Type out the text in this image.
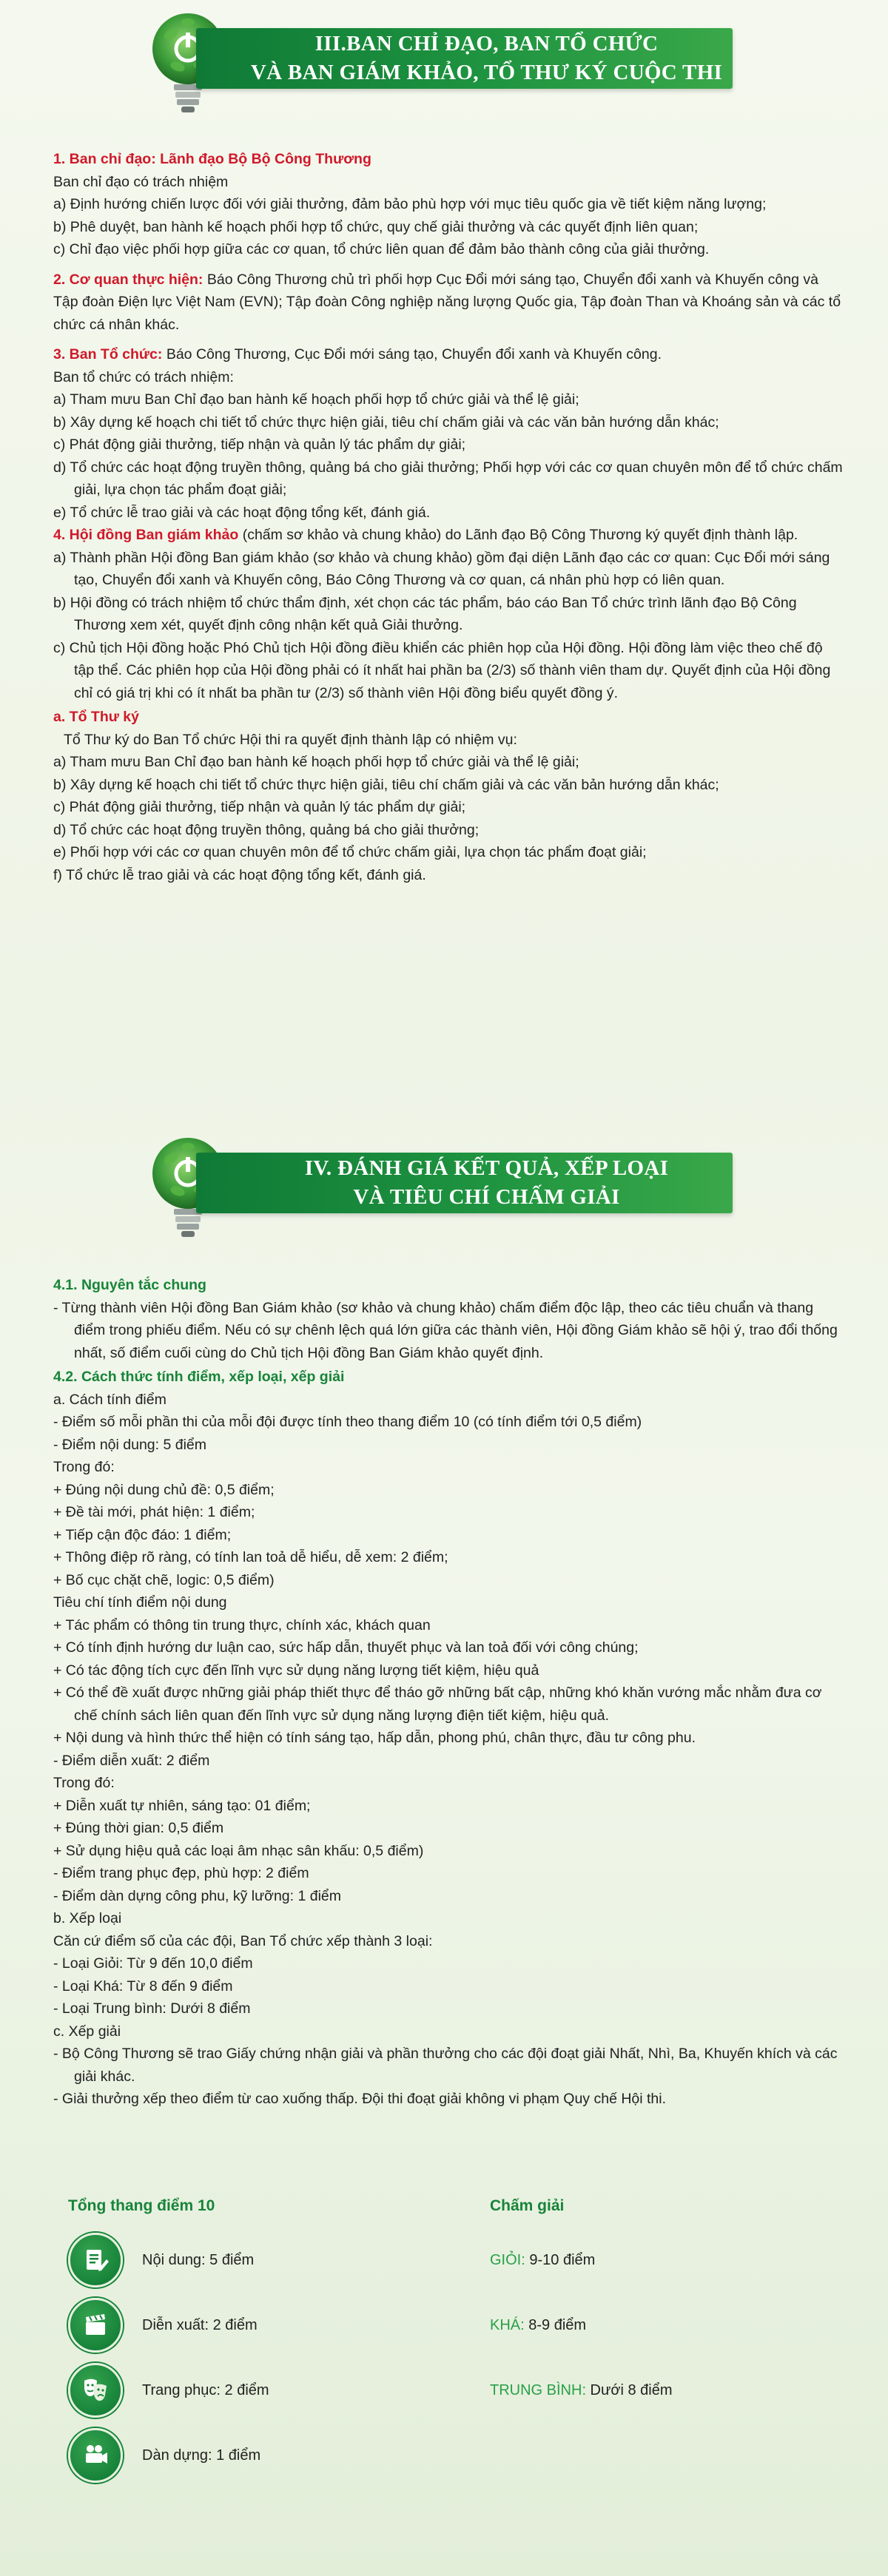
III.BAN CHỈ ĐẠO, BAN TỔ CHỨC
VÀ BAN GIÁM KHẢO, TỔ THƯ KÝ CUỘC THI
1. Ban chỉ đạo: Lãnh đạo Bộ Bộ Công Thương
Ban chỉ đạo có trách nhiệm
a) Định hướng chiến lược đối với giải thưởng, đảm bảo phù hợp với mục tiêu quốc gia về tiết kiệm năng lượng;
b) Phê duyệt, ban hành kế hoạch phối hợp tổ chức, quy chế giải thưởng và các quyết định liên quan;
c) Chỉ đạo việc phối hợp giữa các cơ quan, tổ chức liên quan để đảm bảo thành công của giải thưởng.
2. Cơ quan thực hiện: Báo Công Thương chủ trì phối hợp Cục Đổi mới sáng tạo, Chuyển đổi xanh và Khuyến công và Tập đoàn Điện lực Việt Nam (EVN); Tập đoàn Công nghiệp năng lượng Quốc gia, Tập đoàn Than và Khoáng sản và các tổ chức cá nhân khác.
3. Ban Tổ chức: Báo Công Thương, Cục Đổi mới sáng tạo, Chuyển đổi xanh và Khuyến công.
Ban tổ chức có trách nhiệm:
a) Tham mưu Ban Chỉ đạo ban hành kế hoạch phối hợp tổ chức giải và thể lệ giải;
b) Xây dựng kế hoạch chi tiết tổ chức thực hiện giải, tiêu chí chấm giải và các văn bản hướng dẫn khác;
c) Phát động giải thưởng, tiếp nhận và quản lý tác phẩm dự giải;
d) Tổ chức các hoạt động truyền thông, quảng bá cho giải thưởng; Phối hợp với các cơ quan chuyên môn để tổ chức chấm giải, lựa chọn tác phẩm đoạt giải;
e) Tổ chức lễ trao giải và các hoạt động tổng kết, đánh giá.
4. Hội đồng Ban giám khảo (chấm sơ khảo và chung khảo) do Lãnh đạo Bộ Công Thương ký quyết định thành lập.
a) Thành phần Hội đồng Ban giám khảo (sơ khảo và chung khảo) gồm đại diện Lãnh đạo các cơ quan: Cục Đổi mới sáng tạo, Chuyển đổi xanh và Khuyến công, Báo Công Thương và cơ quan, cá nhân phù hợp có liên quan.
b) Hội đồng có trách nhiệm tổ chức thẩm định, xét chọn các tác phẩm, báo cáo Ban Tổ chức trình lãnh đạo Bộ Công Thương xem xét, quyết định công nhận kết quả Giải thưởng.
c) Chủ tịch Hội đồng hoặc Phó Chủ tịch Hội đồng điều khiển các phiên họp của Hội đồng. Hội đồng làm việc theo chế độ tập thể. Các phiên họp của Hội đồng phải có ít nhất hai phần ba (2/3) số thành viên tham dự. Quyết định của Hội đồng chỉ có giá trị khi có ít nhất ba phần tư (2/3) số thành viên Hội đồng biểu quyết đồng ý.
a. Tổ Thư ký
Tổ Thư ký do Ban Tổ chức Hội thi ra quyết định thành lập có nhiệm vụ:
a) Tham mưu Ban Chỉ đạo ban hành kế hoạch phối hợp tổ chức giải và thể lệ giải;
b) Xây dựng kế hoạch chi tiết tổ chức thực hiện giải, tiêu chí chấm giải và các văn bản hướng dẫn khác;
c) Phát động giải thưởng, tiếp nhận và quản lý tác phẩm dự giải;
d) Tổ chức các hoạt động truyền thông, quảng bá cho giải thưởng;
e) Phối hợp với các cơ quan chuyên môn để tổ chức chấm giải, lựa chọn tác phẩm đoạt giải;
f) Tổ chức lễ trao giải và các hoạt động tổng kết, đánh giá.
IV. ĐÁNH GIÁ KẾT QUẢ, XẾP LOẠI
VÀ TIÊU CHÍ CHẤM GIẢI
4.1. Nguyên tắc chung
- Từng thành viên Hội đồng Ban Giám khảo (sơ khảo và chung khảo) chấm điểm độc lập, theo các tiêu chuẩn và thang điểm trong phiếu điểm. Nếu có sự chênh lệch quá lớn giữa các thành viên, Hội đồng Giám khảo sẽ hội ý, trao đổi thống nhất, số điểm cuối cùng do Chủ tịch Hội đồng Ban Giám khảo quyết định.
4.2. Cách thức tính điểm, xếp loại, xếp giải
a. Cách tính điểm
- Điểm số mỗi phần thi của mỗi đội được tính theo thang điểm 10 (có tính điểm tới 0,5 điểm)
- Điểm nội dung: 5 điểm
Trong đó:
+ Đúng nội dung chủ đề: 0,5 điểm;
+ Đề tài mới, phát hiện: 1 điểm;
+ Tiếp cận độc đáo: 1 điểm;
+ Thông điệp rõ ràng, có tính lan toả dễ hiểu, dễ xem: 2 điểm;
+ Bố cục chặt chẽ, logic: 0,5 điểm)
Tiêu chí tính điểm nội dung
+ Tác phẩm có thông tin trung thực, chính xác, khách quan
+ Có tính định hướng dư luận cao, sức hấp dẫn, thuyết phục và lan toả đối với công chúng;
+ Có tác động tích cực đến lĩnh vực sử dụng năng lượng tiết kiệm, hiệu quả
+ Có thể đề xuất được những giải pháp thiết thực để tháo gỡ những bất cập, những khó khăn vướng mắc nhằm đưa cơ chế chính sách liên quan đến lĩnh vực sử dụng năng lượng điện tiết kiệm, hiệu quả.
+ Nội dung và hình thức thể hiện có tính sáng tạo, hấp dẫn, phong phú, chân thực, đầu tư công phu.
- Điểm diễn xuất: 2 điểm
Trong đó:
+ Diễn xuất tự nhiên, sáng tạo: 01 điểm;
+ Đúng thời gian: 0,5 điểm
+ Sử dụng hiệu quả các loại âm nhạc sân khấu: 0,5 điểm)
- Điểm trang phục đẹp, phù hợp: 2 điểm
- Điểm dàn dựng công phu, kỹ lưỡng: 1 điểm
b. Xếp loại
Căn cứ điểm số của các đội, Ban Tổ chức xếp thành 3 loại:
- Loại Giỏi: Từ 9 đến 10,0 điểm
- Loại Khá: Từ 8 đến 9 điểm
- Loại Trung bình: Dưới 8 điểm
c. Xếp giải
- Bộ Công Thương sẽ trao Giấy chứng nhận giải và phần thưởng cho các đội đoạt giải Nhất, Nhì, Ba, Khuyến khích và các giải khác.
- Giải thưởng xếp theo điểm từ cao xuống thấp. Đội thi đoạt giải không vi phạm Quy chế Hội thi.
Tổng thang điểm 10
Nội dung: 5 điểm
Diễn xuất: 2 điểm
Trang phục: 2 điểm
Dàn dựng: 1 điểm
Chấm giải
GIỎI: 9-10 điểm
KHÁ: 8-9 điểm
TRUNG BÌNH: Dưới 8 điểm
